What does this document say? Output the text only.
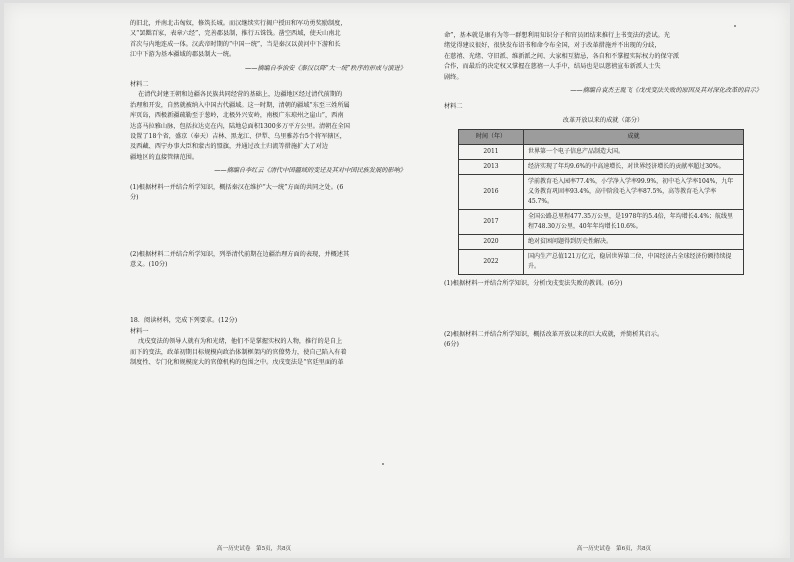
的旧北，并南北击匈奴，修筑长城。而汉继续实行揭户授田和军功勇奖励制度，

又“罢黜百家，表章六经”，完善郡县制，推行五铢钱。凿空西域，使天山南北

首次与内地连成一体。汉武帝时期的“中国一统”，当是秦汉以黄河中下游和长

江中下游为基本疆域的郡县制大一统。

——摘编自李治安《秦汉以降“大一统”秩序的形成与演进》

材料二

在清代封建王朝和边疆各民族共同经营的基础上，边疆地区经过清代前期的

治理和开发，自然就被纳入中国古代疆域。这一时期，清朝的疆域“东至三姓所属

库页岛，西极新疆疏勒至于葱岭，北极外兴安岭，南极广东琼州之崖山”，西南

达喜马拉雅山脉，包括拉达克在内，陆地总面积1300多万平方公里。清朝在全国

设置了18个省，盛京（奉天）吉林、黑龙江、伊犁、乌里雅苏台5个将军辖区，

及西藏、西宁办事大臣和蒙古的盟旗，并通过改土归流等措施扩大了对边

疆地区的直接管辖范围。

——摘编自李红云《清代中国疆域的变迁及其对中国民族发展的影响》

(1)根据材料一并结合所学知识，概括秦汉在维护“大一统”方面的共同之处。(6

分)

(2)根据材料二并结合所学知识，列举清代前期在边疆治理方面的表现，并概述其

意义。(10分)

18．阅读材料，完成下列要求。(12分)

材料一

戊戌变法的领导人就有为和光绪，他们不是掌握实权的人物，推行的是自上

而下的变法，政革初期目标规模向政治体制框架内的官僚势力，使自己陷入有着

制度性、专门化和规模庞大的官僚机构的包围之中。戊戌变法是“官廷里面的革

高一历史试卷　第5页，共8页

命”，基本就是康有为等一群想利用知识分子和官员团结来推行上书变法的尝试。光

绪觉得建议很好，很快发布诏书和命令布全国，对于改革措施并不出现的分歧，

在慈禧、光绪、守旧派、维新派之间、大家相互猜忌，各自和不掌握实际权力的保守派

合作，而最后的决定权又掌握在慈禧一人手中，结局也是以慈禧宣布新派人士失

剧终。

——摘编自袁杰王胤飞《戊戌变法失败的原因及其对深化改革的启示》

材料二

改革开放以来的成就（部分）

时间（年）	成就
2011	世界第一个电子信息产品制造大国。
2013	经济实现了年均9.6%的中高速增长，对世界经济增长的贡献率超过30%。
2016	学前教育毛入园率77.4%，小学净入学率99.9%，初中毛入学率104%，九年义务教育巩固率93.4%，高中阶段毛入学率87.5%，高等教育毛入学率45.7%。
2017	全国公路总里程477.35万公里，是1978年的5.4倍，年均增长4.4%；航线里程748.30万公里，40年年均增长10.6%。
2020	绝对贫困问题得到历史性解决。
2022	国内生产总值121万亿元，稳居世界第二位，中国经济占全球经济份额持续提升。

(1)根据材料一并结合所学知识，分析戊戌变法失败的教训。(6分)

(2)根据材料二并结合所学知识，概括改革开放以来的巨大成就，并简析其启示。

(6分)

高一历史试卷　第6页，共8页
